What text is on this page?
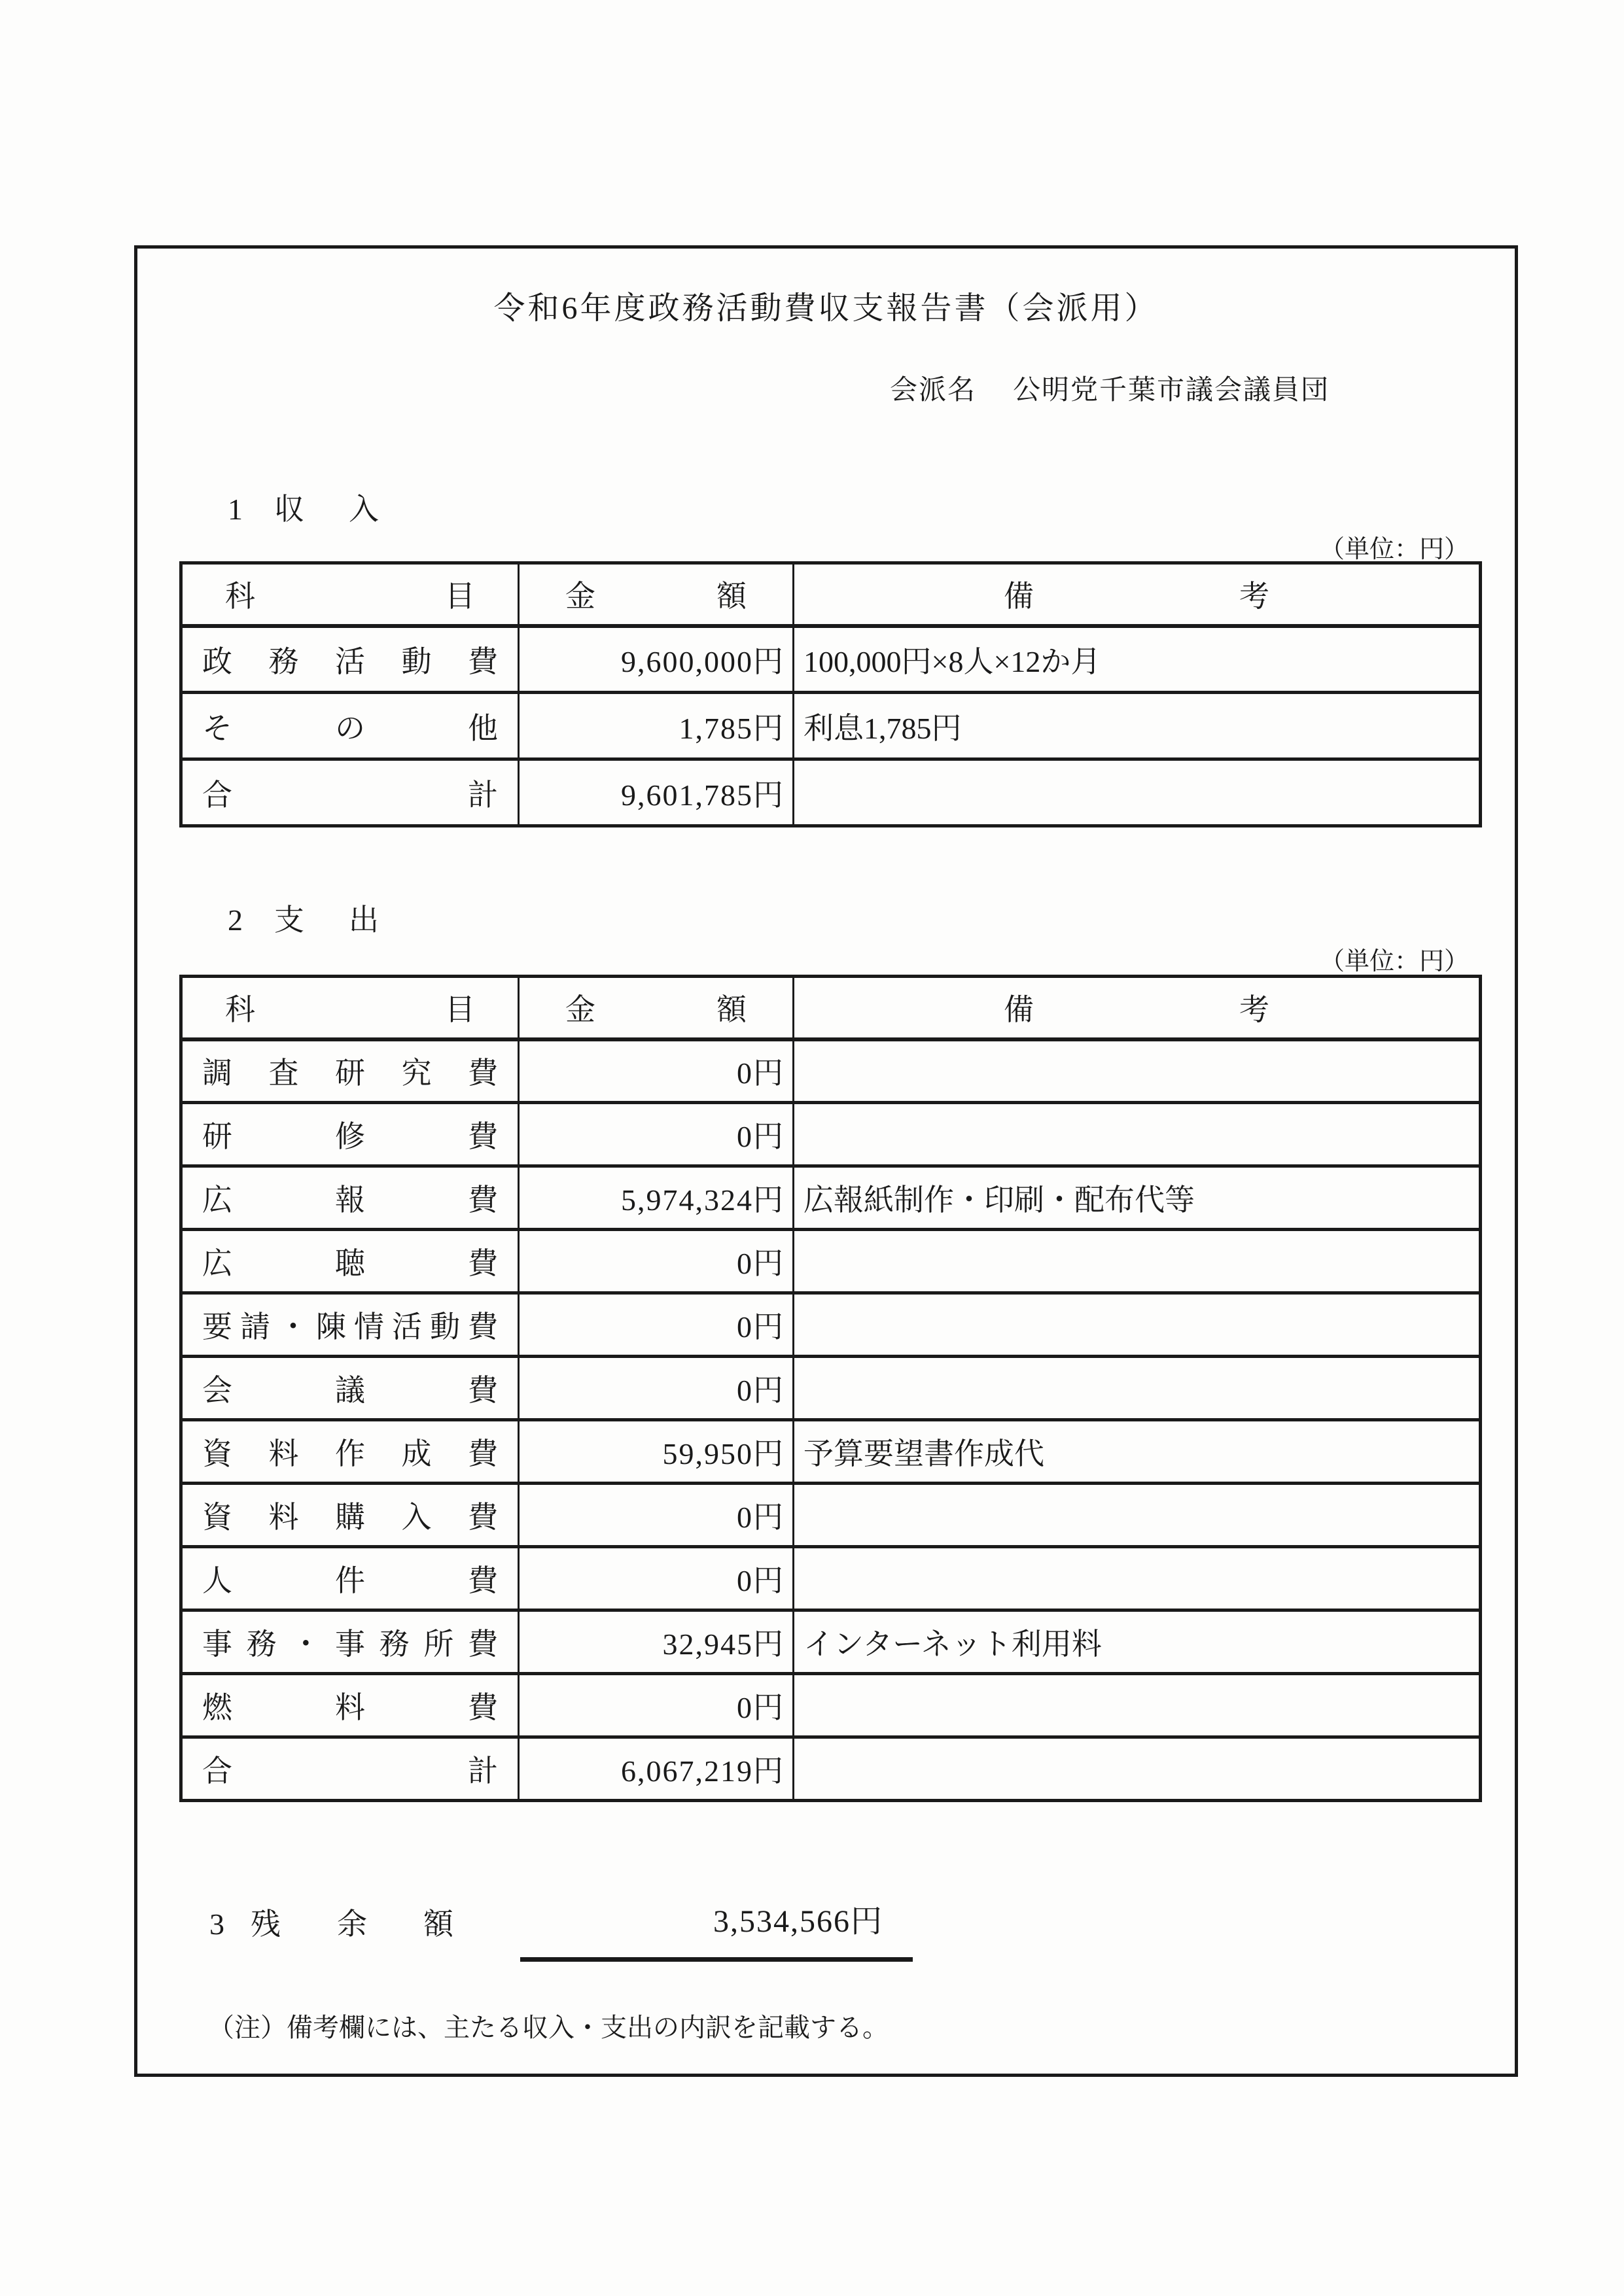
令和6年度政務活動費収支報告書（会派用）
会派名 公明党千葉市議会議員団
1 収入
（単位：円）
科目	金額	備考
政務活動費	9,600,000円	100,000円×8人×12か月
その他	1,785円	利息1,785円
合計	9,601,785円	
2 支出
（単位：円）
科目	金額	備考
調査研究費	0円	
研修費	0円	
広報費	5,974,324円	広報紙制作・印刷・配布代等
広聴費	0円	
要請・陳情活動費	0円	
会議費	0円	
資料作成費	59,950円	予算要望書作成代
資料購入費	0円	
人件費	0円	
事務・事務所費	32,945円	インターネット利用料
燃料費	0円	
合計	6,067,219円	
3 残余額	3,534,566円
（注）備考欄には、主たる収入・支出の内訳を記載する。
